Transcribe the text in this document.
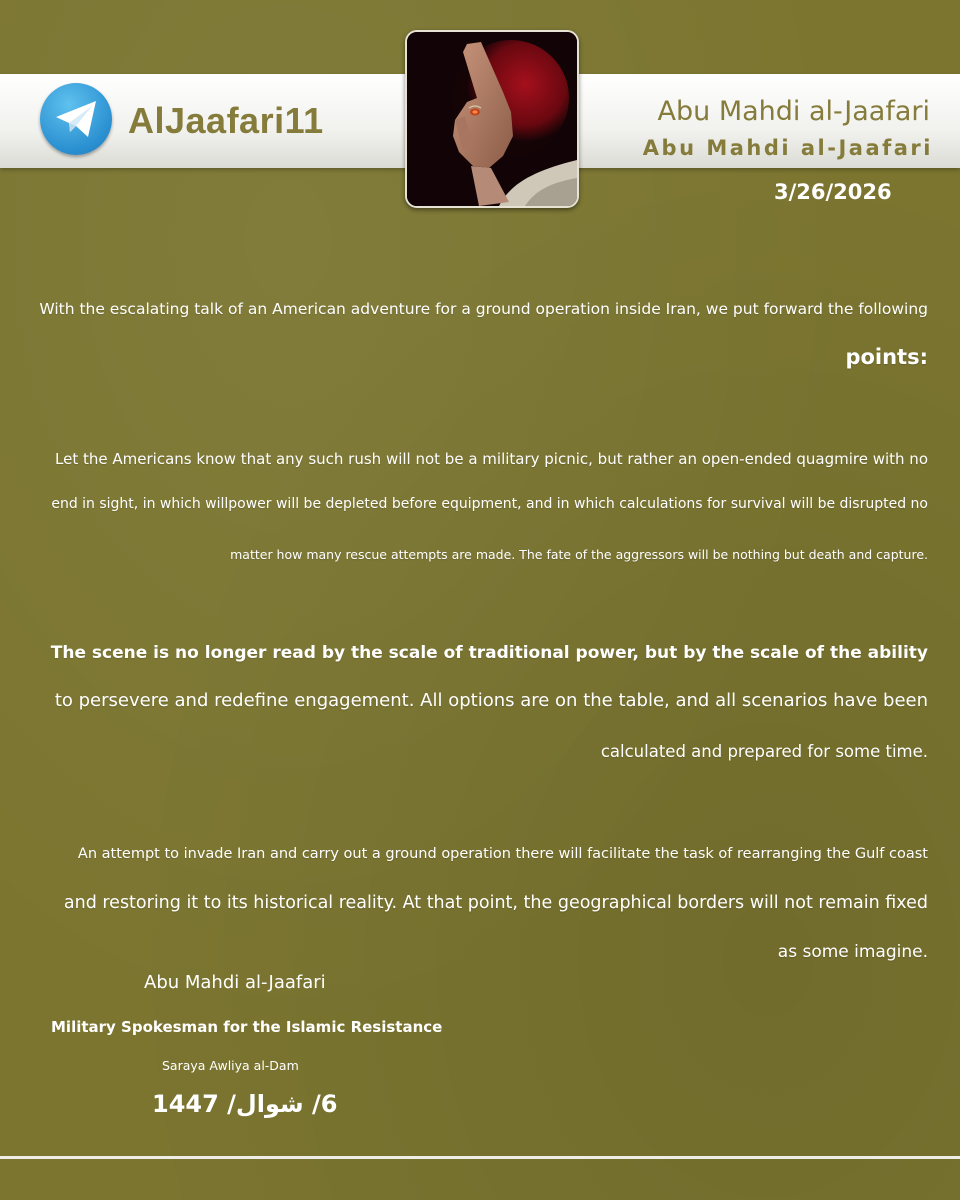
AlJaafari11	Abu Mahdi al-Jaafari
Abu Mahdi al-Jaafari
3/26/2026

With the escalating talk of an American adventure for a ground operation inside Iran, we put forward the following

points:

Let the Americans know that any such rush will not be a military picnic, but rather an open-ended quagmire with no

end in sight, in which willpower will be depleted before equipment, and in which calculations for survival will be disrupted no

matter how many rescue attempts are made. The fate of the aggressors will be nothing but death and capture.

The scene is no longer read by the scale of traditional power, but by the scale of the ability

to persevere and redefine engagement. All options are on the table, and all scenarios have been

calculated and prepared for some time.

An attempt to invade Iran and carry out a ground operation there will facilitate the task of rearranging the Gulf coast

and restoring it to its historical reality. At that point, the geographical borders will not remain fixed

as some imagine.

Abu Mahdi al-Jaafari

Military Spokesman for the Islamic Resistance

Saraya Awliya al-Dam

6/ شوال/ 1447
